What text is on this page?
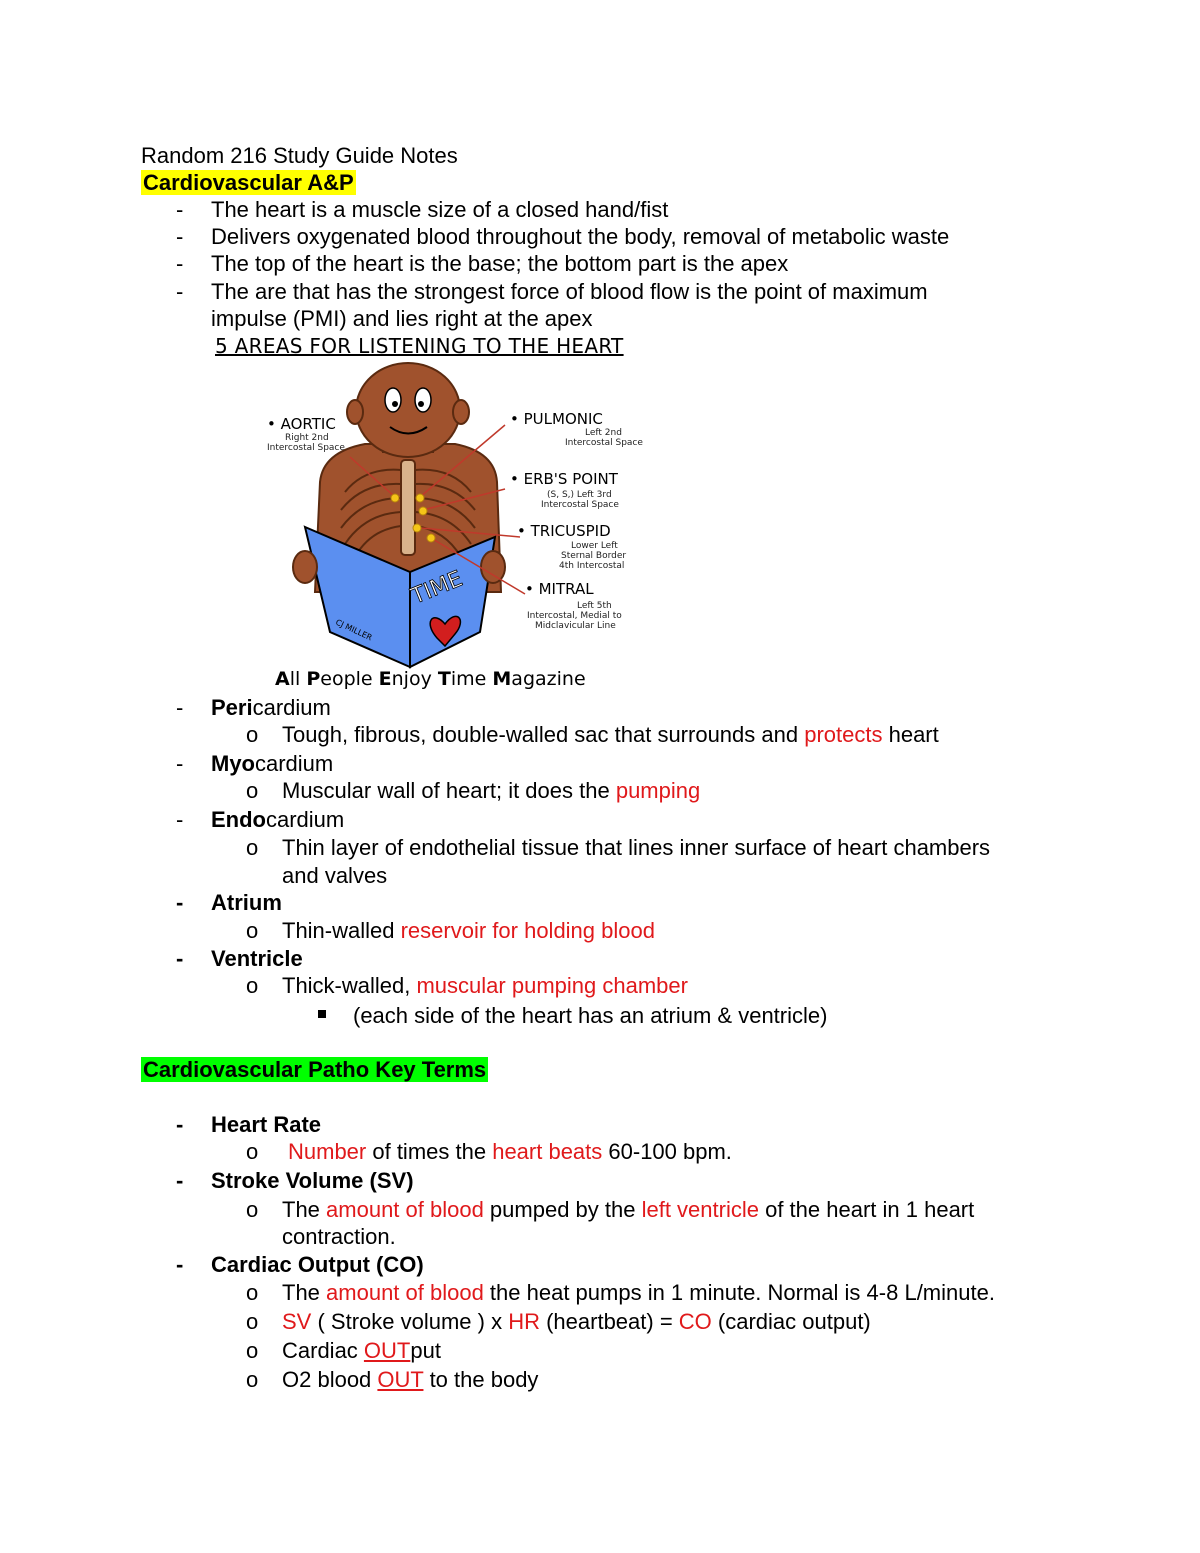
Random 216 Study Guide Notes
Cardiovascular A&P
-	The heart is a muscle size of a closed hand/fist
-	Delivers oxygenated blood throughout the body, removal of metabolic waste
-	The top of the heart is the base; the bottom part is the apex
-	The are that has the strongest force of blood flow is the point of maximum
impulse (PMI) and lies right at the apex
5 AREAS FOR LISTENING TO THE HEART
TIME
CJ MILLER
• AORTIC
Right 2nd
Intercostal Space
• PULMONIC
Left 2nd
Intercostal Space
• ERB'S POINT
(S, S,) Left 3rd
Intercostal Space
• TRICUSPID
Lower Left
Sternal Border
4th Intercostal
• MITRAL
Left 5th
Intercostal, Medial to
Midclavicular Line
All People Enjoy Time Magazine
-	Pericardium
o Tough, fibrous, double-walled sac that surrounds and protects heart
-	Myocardium
o Muscular wall of heart; it does the pumping
-	Endocardium
o Thin layer of endothelial tissue that lines inner surface of heart chambers
and valves
-	Atrium
o Thin-walled reservoir for holding blood
-	Ventricle
o Thick-walled, muscular pumping chamber
(each side of the heart has an atrium & ventricle)
Cardiovascular Patho Key Terms
-	Heart Rate
o Number of times the heart beats 60-100 bpm.
-	Stroke Volume (SV)
o The amount of blood pumped by the left ventricle of the heart in 1 heart
contraction.
-	Cardiac Output (CO)
o The amount of blood the heat pumps in 1 minute. Normal is 4-8 L/minute.
o SV ( Stroke volume ) x HR (heartbeat) = CO (cardiac output)
o Cardiac OUTput
o O2 blood OUT to the body
